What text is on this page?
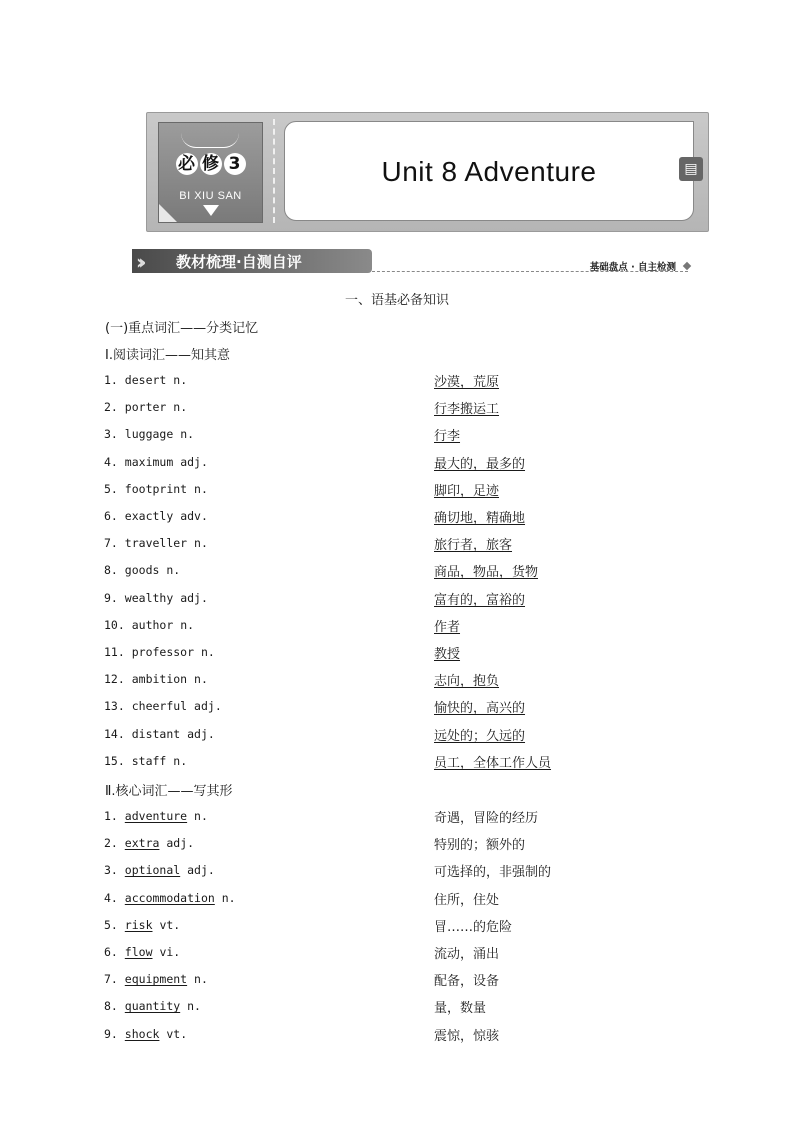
必 修 3
BI XIU SAN
Unit 8 Adventure	▤
›› 教材梳理·自测自评	基础盘点 · 自主检测
一、语基必备知识
(一)重点词汇——分类记忆
Ⅰ.阅读词汇——知其意
1. desert n.	沙漠，荒原
2. porter n.	行李搬运工
3. luggage n.	行李
4. maximum adj.	最大的，最多的
5. footprint n.	脚印，足迹
6. exactly adv.	确切地，精确地
7. traveller n.	旅行者，旅客
8. goods n.	商品，物品，货物
9. wealthy adj.	富有的，富裕的
10. author n.	作者
11. professor n.	教授
12. ambition n.	志向，抱负
13. cheerful adj.	愉快的，高兴的
14. distant adj.	远处的；久远的
15. staff n.	员工，全体工作人员
Ⅱ.核心词汇——写其形
1. adventure n.	奇遇，冒险的经历
2. extra adj.	特别的；额外的
3. optional adj.	可选择的，非强制的
4. accommodation n.	住所，住处
5. risk vt.	冒……的危险
6. flow vi.	流动，涌出
7. equipment n.	配备，设备
8. quantity n.	量，数量
9. shock vt.	震惊，惊骇
